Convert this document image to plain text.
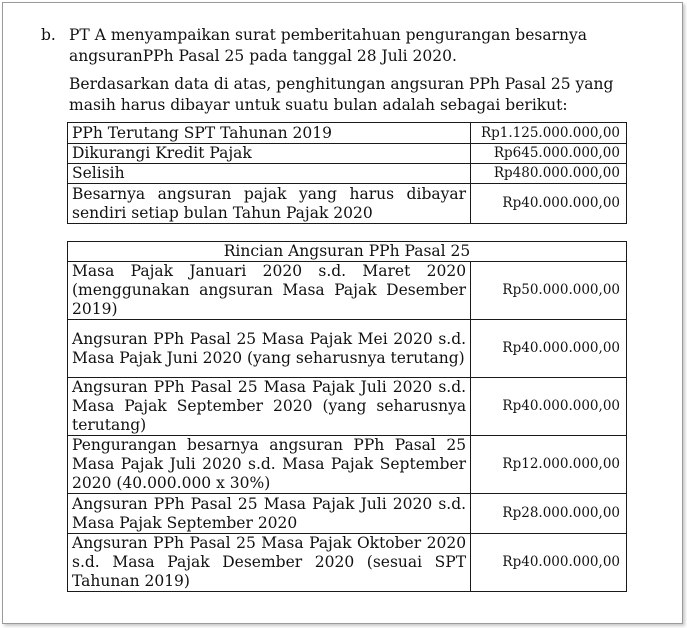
b. PT A menyampaikan surat pemberitahuan pengurangan besarnya
angsuranPPh Pasal 25 pada tanggal 28 Juli 2020.
Berdasarkan data di atas, penghitungan angsuran PPh Pasal 25 yang
masih harus dibayar untuk suatu bulan adalah sebagai berikut:
PPh Terutang SPT Tahunan 2019	Rp1.125.000.000,00
Dikurangi Kredit Pajak	Rp645.000.000,00
Selisih	Rp480.000.000,00
Besarnya angsuran pajak yang harus dibayar sendiri setiap bulan Tahun Pajak 2020	Rp40.000.000,00
Rincian Angsuran PPh Pasal 25	
Masa Pajak Januari 2020 s.d. Maret 2020 (menggunakan angsuran Masa Pajak Desember 2019)	Rp50.000.000,00
Angsuran PPh Pasal 25 Masa Pajak Mei 2020 s.d. Masa Pajak Juni 2020 (yang seharusnya terutang)	Rp40.000.000,00
Angsuran PPh Pasal 25 Masa Pajak Juli 2020 s.d. Masa Pajak September 2020 (yang seharusnya terutang)	Rp40.000.000,00
Pengurangan besarnya angsuran PPh Pasal 25 Masa Pajak Juli 2020 s.d. Masa Pajak September 2020 (40.000.000 x 30%)	Rp12.000.000,00
Angsuran PPh Pasal 25 Masa Pajak Juli 2020 s.d. Masa Pajak September 2020	Rp28.000.000,00
Angsuran PPh Pasal 25 Masa Pajak Oktober 2020 s.d. Masa Pajak Desember 2020 (sesuai SPT Tahunan 2019)	Rp40.000.000,00
